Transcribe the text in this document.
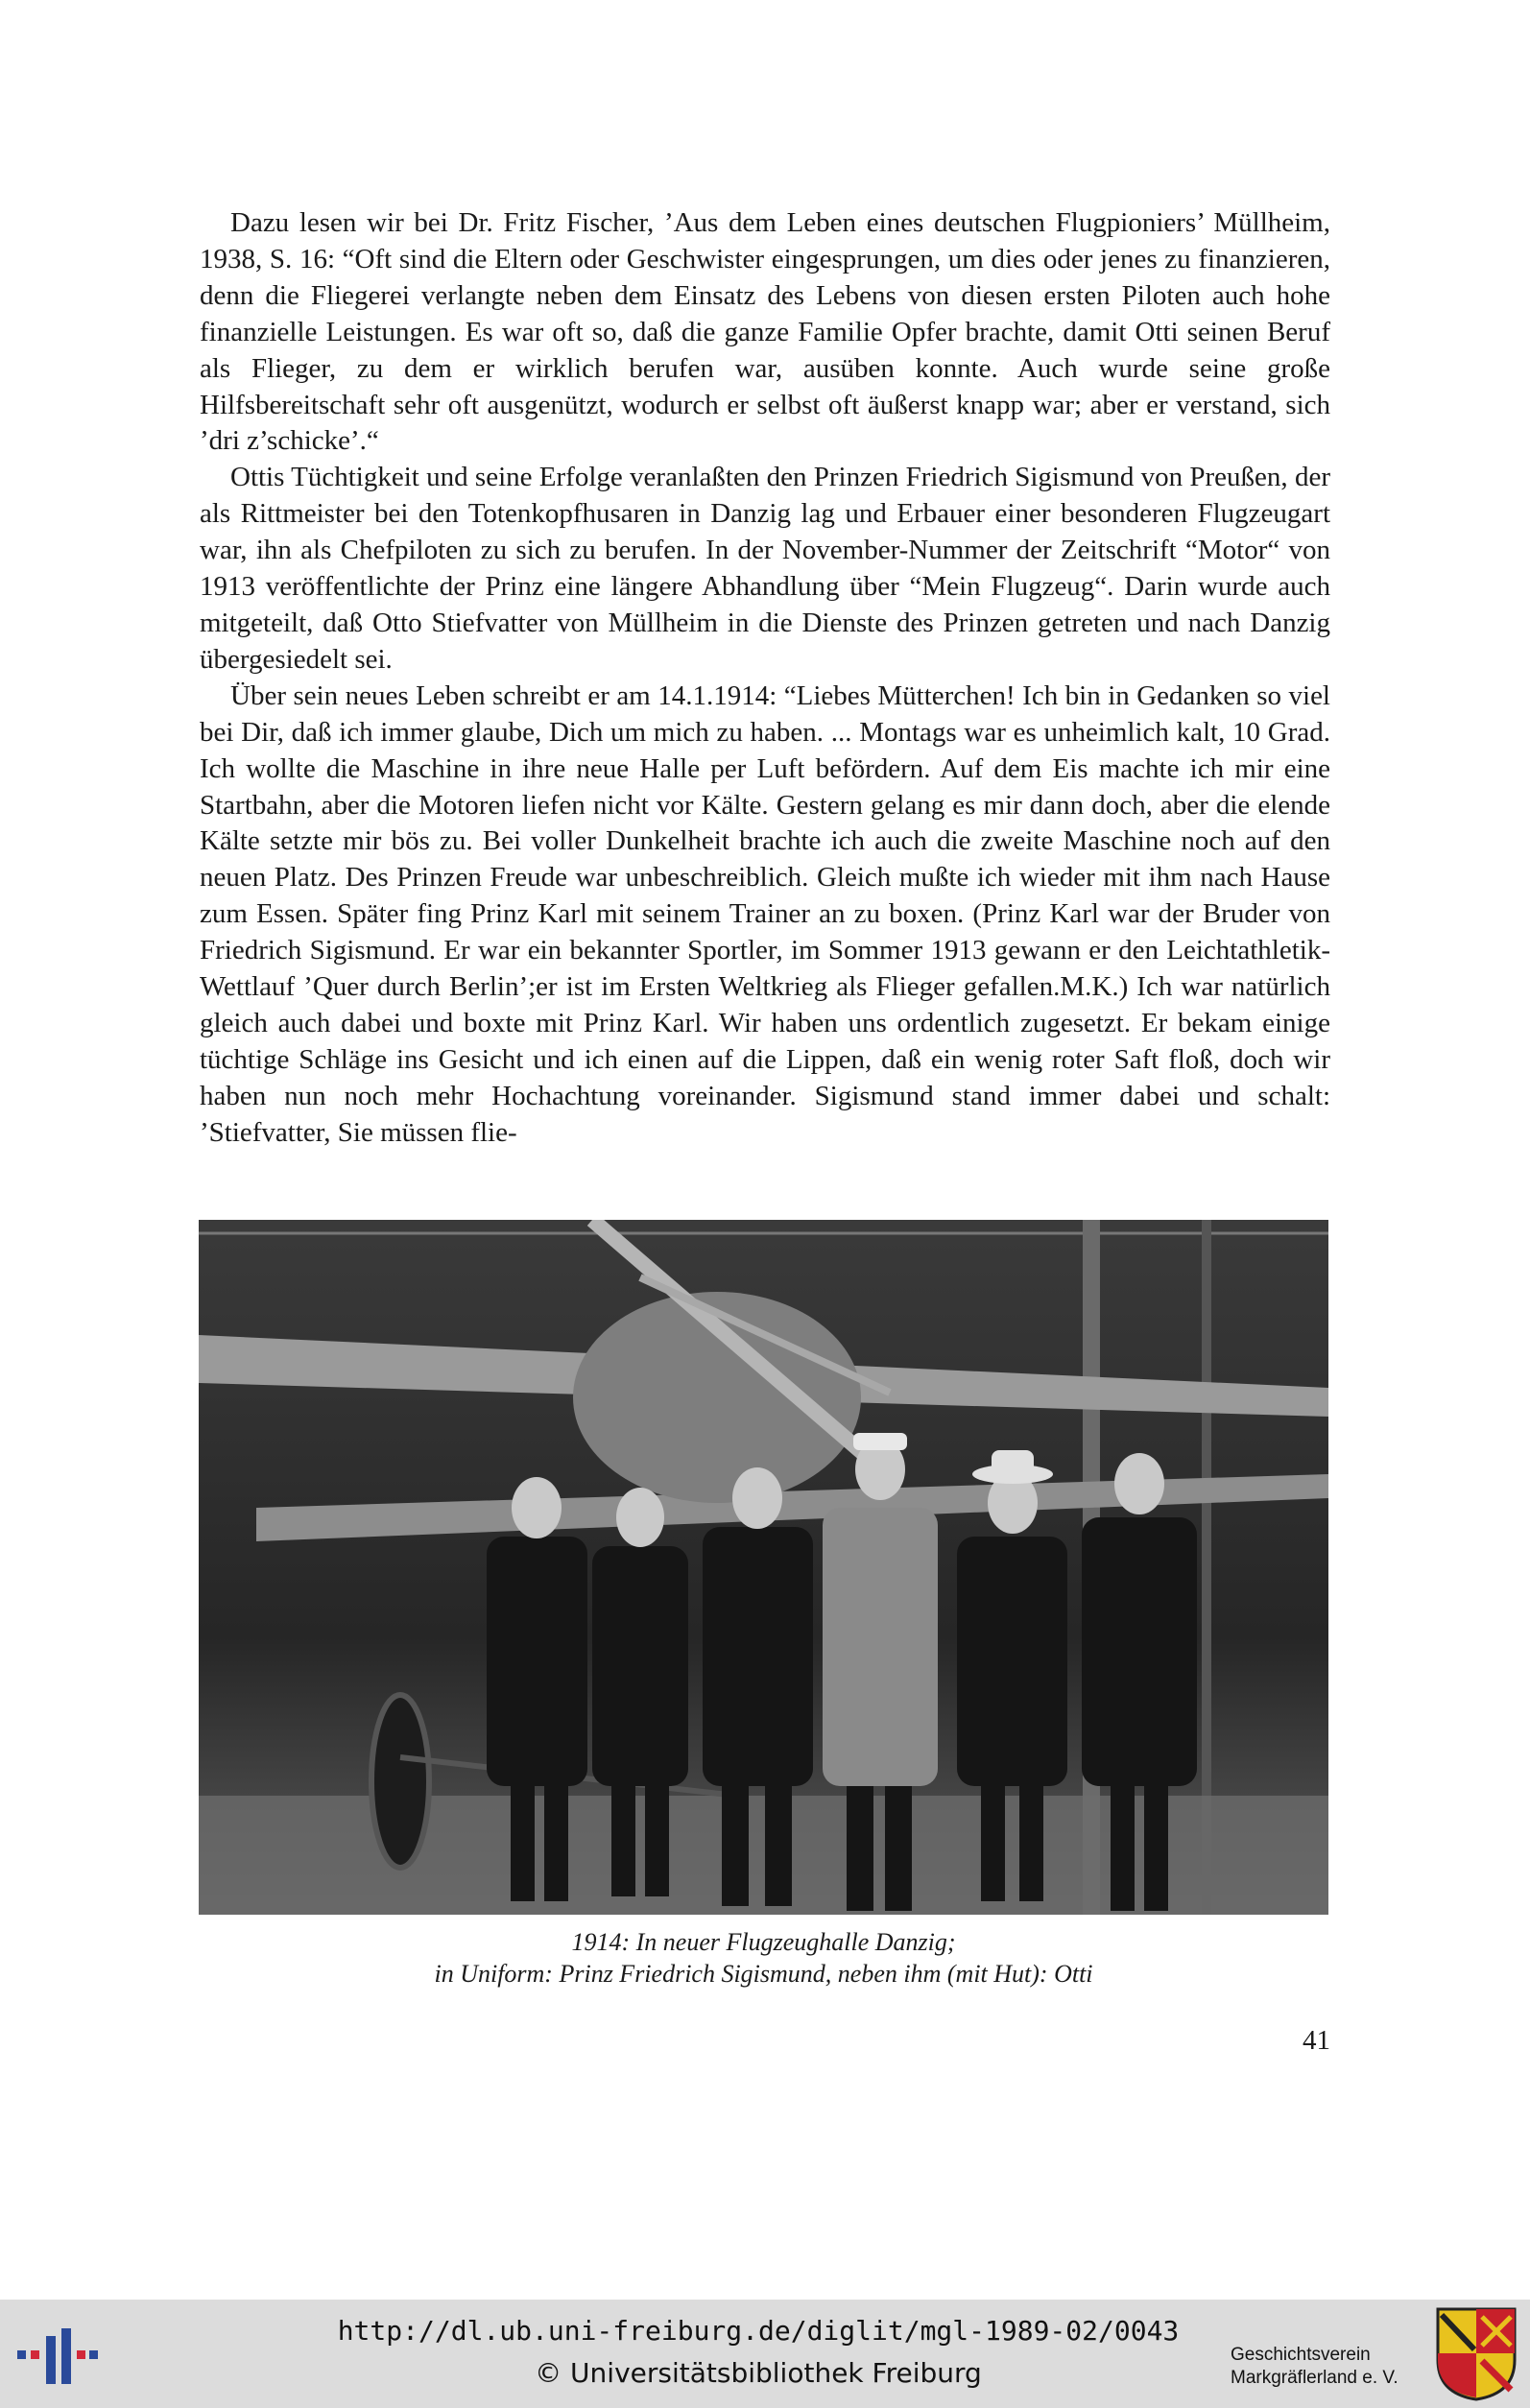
Dazu lesen wir bei Dr. Fritz Fischer, ’Aus dem Leben eines deutschen Flugpioniers’ Müllheim, 1938, S. 16: “Oft sind die Eltern oder Geschwister eingesprungen, um dies oder jenes zu finanzieren, denn die Fliegerei verlangte neben dem Einsatz des Lebens von diesen ersten Piloten auch hohe finanzielle Leistungen. Es war oft so, daß die ganze Familie Opfer brachte, damit Otti seinen Beruf als Flieger, zu dem er wirklich berufen war, ausüben konnte. Auch wurde seine große Hilfsbereitschaft sehr oft ausgenützt, wodurch er selbst oft äußerst knapp war; aber er verstand, sich ’dri z’schicke’.“

Ottis Tüchtigkeit und seine Erfolge veranlaßten den Prinzen Friedrich Sigismund von Preußen, der als Rittmeister bei den Totenkopfhusaren in Danzig lag und Erbauer einer besonderen Flugzeugart war, ihn als Chefpiloten zu sich zu berufen. In der November-Nummer der Zeitschrift “Motor“ von 1913 veröffentlichte der Prinz eine längere Abhandlung über “Mein Flugzeug“. Darin wurde auch mitgeteilt, daß Otto Stiefvatter von Müllheim in die Dienste des Prinzen getreten und nach Danzig übergesiedelt sei.

Über sein neues Leben schreibt er am 14.1.1914: “Liebes Mütterchen! Ich bin in Gedanken so viel bei Dir, daß ich immer glaube, Dich um mich zu haben. ... Montags war es unheimlich kalt, 10 Grad. Ich wollte die Maschine in ihre neue Halle per Luft befördern. Auf dem Eis machte ich mir eine Startbahn, aber die Motoren liefen nicht vor Kälte. Gestern gelang es mir dann doch, aber die elende Kälte setzte mir bös zu. Bei voller Dunkelheit brachte ich auch die zweite Maschine noch auf den neuen Platz. Des Prinzen Freude war unbeschreiblich. Gleich mußte ich wieder mit ihm nach Hause zum Essen. Später fing Prinz Karl mit seinem Trainer an zu boxen. (Prinz Karl war der Bruder von Friedrich Sigismund. Er war ein bekannter Sportler, im Sommer 1913 gewann er den Leichtathletik-Wettlauf ’Quer durch Berlin’;er ist im Ersten Weltkrieg als Flieger gefallen.M.K.) Ich war natürlich gleich auch dabei und boxte mit Prinz Karl. Wir haben uns ordentlich zugesetzt. Er bekam einige tüchtige Schläge ins Gesicht und ich einen auf die Lippen, daß ein wenig roter Saft floß, doch wir haben nun noch mehr Hochachtung voreinander. Sigismund stand immer dabei und schalt: ’Stiefvatter, Sie müssen flie-

1914: In neuer Flugzeughalle Danzig;
in Uniform: Prinz Friedrich Sigismund, neben ihm (mit Hut): Otti
41
http://dl.ub.uni-freiburg.de/diglit/mgl-1989-02/0043
© Universitätsbibliothek Freiburg
Geschichtsverein
Markgräflerland e. V.
